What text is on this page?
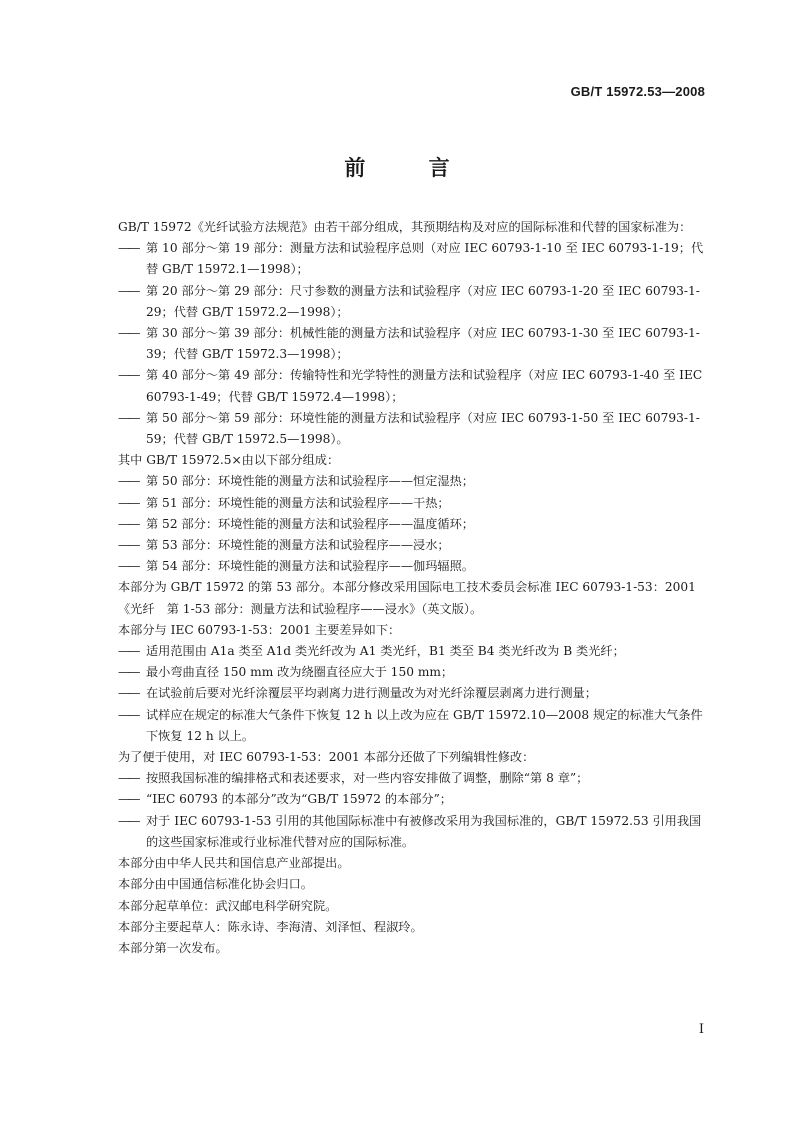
GB/T 15972.53—2008
前 言

GB/T 15972《光纤试验方法规范》由若干部分组成，其预期结构及对应的国际标准和代替的国家标准为：

—— 第 10 部分～第 19 部分：测量方法和试验程序总则（对应 IEC 60793-1-10 至 IEC 60793-1-19；代替 GB/T 15972.1—1998）；

—— 第 20 部分～第 29 部分：尺寸参数的测量方法和试验程序（对应 IEC 60793-1-20 至 IEC 60793-1-29；代替 GB/T 15972.2—1998）；

—— 第 30 部分～第 39 部分：机械性能的测量方法和试验程序（对应 IEC 60793-1-30 至 IEC 60793-1-39；代替 GB/T 15972.3—1998）；

—— 第 40 部分～第 49 部分：传输特性和光学特性的测量方法和试验程序（对应 IEC 60793-1-40 至 IEC 60793-1-49；代替 GB/T 15972.4—1998）；

—— 第 50 部分～第 59 部分：环境性能的测量方法和试验程序（对应 IEC 60793-1-50 至 IEC 60793-1-59；代替 GB/T 15972.5—1998）。

其中 GB/T 15972.5×由以下部分组成：

—— 第 50 部分：环境性能的测量方法和试验程序——恒定湿热；

—— 第 51 部分：环境性能的测量方法和试验程序——干热；

—— 第 52 部分：环境性能的测量方法和试验程序——温度循环；

—— 第 53 部分：环境性能的测量方法和试验程序——浸水；

—— 第 54 部分：环境性能的测量方法和试验程序——伽玛辐照。

本部分为 GB/T 15972 的第 53 部分。本部分修改采用国际电工技术委员会标准 IEC 60793-1-53：2001《光纤　第 1-53 部分：测量方法和试验程序——浸水》（英文版）。

本部分与 IEC 60793-1-53：2001 主要差异如下：

—— 适用范围由 A1a 类至 A1d 类光纤改为 A1 类光纤，B1 类至 B4 类光纤改为 B 类光纤；

—— 最小弯曲直径 150 mm 改为绕圈直径应大于 150 mm；

—— 在试验前后要对光纤涂覆层平均剥离力进行测量改为对光纤涂覆层剥离力进行测量；

—— 试样应在规定的标准大气条件下恢复 12 h 以上改为应在 GB/T 15972.10—2008 规定的标准大气条件下恢复 12 h 以上。

为了便于使用，对 IEC 60793-1-53：2001 本部分还做了下列编辑性修改：

—— 按照我国标准的编排格式和表述要求，对一些内容安排做了调整，删除“第 8 章”；

—— “IEC 60793 的本部分”改为“GB/T 15972 的本部分”；

—— 对于 IEC 60793-1-53 引用的其他国际标准中有被修改采用为我国标准的，GB/T 15972.53 引用我国的这些国家标准或行业标准代替对应的国际标准。

本部分由中华人民共和国信息产业部提出。

本部分由中国通信标准化协会归口。

本部分起草单位：武汉邮电科学研究院。

本部分主要起草人：陈永诗、李海清、刘泽恒、程淑玲。

本部分第一次发布。

I
